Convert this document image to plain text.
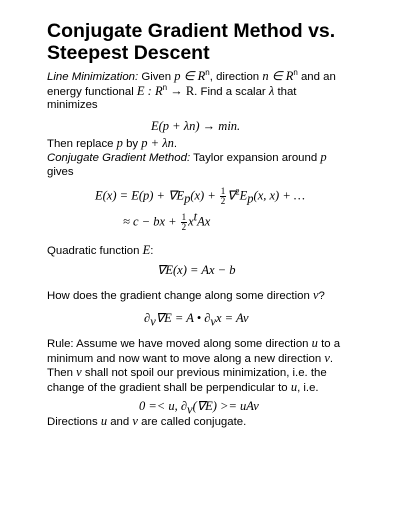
Conjugate Gradient Method vs. Steepest Descent

Line Minimization: Given p ∈ $R^n$, direction n ∈ $R^n$ and an

energy functional E : $R^n \to R$. Find a scalar λ that

minimizes

E(p + λn) → min.

Then replace p by p + λn.

Conjugate Gradient Method: Taylor expansion around p

gives

$E(x) = E(p) + \nabla E_p(x) + \frac{1}{2} \nabla^2E_p(x$, x) + …
≈ c − bx + $\frac{1}{2} x^tAx$

Quadratic function E:

∇E(x) = Ax − b

How does the gradient change along some direction v?

$\partial_v\nabla E = A$ • $\partial_vx = Av$

Rule: Assume we have moved along some direction u to a

minimum and now want to move along a new direction v.

Then v shall not spoil our previous minimization, i.e. the

change of the gradient shall be perpendicular to u, i.e.

0 =< u, $\partial_v(\nabla E)$ >= uAv

Directions u and v are called conjugate.
